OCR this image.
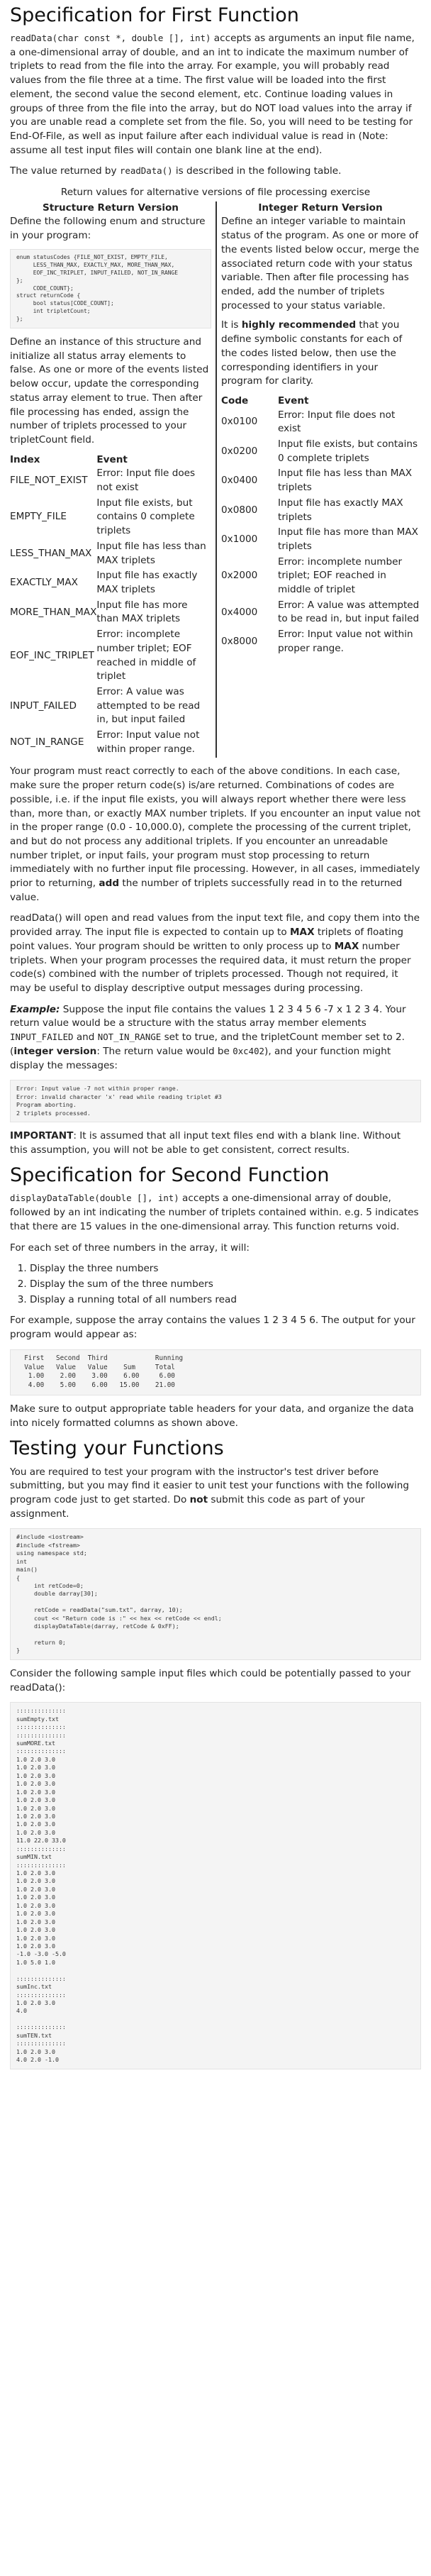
Specification for First Function

readData(char const *, double [], int) accepts as arguments an input file name, a one-dimensional array of double, and an int to indicate the maximum number of triplets to read from the file into the array. For example, you will probably read values from the file three at a time. The first value will be loaded into the first element, the second value the second element, etc. Continue loading values in groups of three from the file into the array, but do NOT load values into the array if you are unable read a complete set from the file. So, you will need to be testing for End-Of-File, as well as input failure after each individual value is read in (Note: assume all test input files will contain one blank line at the end).

The value returned by readData() is described in the following table.

Return values for alternative versions of file processing exercise
Structure Return Version

Define the following enum and structure in your program:

enum statusCodes {FILE_NOT_EXIST, EMPTY_FILE,
LESS_THAN_MAX, EXACTLY_MAX, MORE_THAN_MAX,
EOF_INC_TRIPLET, INPUT_FAILED, NOT_IN_RANGE
};
CODE_COUNT};
struct returnCode {
bool status[CODE_COUNT];
int tripletCount;
};

Define an instance of this structure and initialize all status array elements to false. As one or more of the events listed below occur, update the corresponding status array element to true. Then after file processing has ended, assign the number of triplets processed to your tripletCount field.

Index	Event
FILE_NOT_EXIST	Error: Input file does not exist
EMPTY_FILE	Input file exists, but contains 0 complete triplets
LESS_THAN_MAX	Input file has less than MAX triplets
EXACTLY_MAX	Input file has exactly MAX triplets
MORE_THAN_MAX	Input file has more than MAX triplets
EOF_INC_TRIPLET	Error: incomplete number triplet; EOF reached in middle of triplet
INPUT_FAILED	Error: A value was attempted to be read in, but input failed
NOT_IN_RANGE	Error: Input value not within proper range.
Integer Return Version

Define an integer variable to maintain status of the program. As one or more of the events listed below occur, merge the associated return code with your status variable. Then after file processing has ended, add the number of triplets processed to your status variable.

It is highly recommended that you define symbolic constants for each of the codes listed below, then use the corresponding identifiers in your program for clarity.

Code	Event
0x0100	Error: Input file does not exist
0x0200	Input file exists, but contains 0 complete triplets
0x0400	Input file has less than MAX triplets
0x0800	Input file has exactly MAX triplets
0x1000	Input file has more than MAX triplets
0x2000	Error: incomplete number triplet; EOF reached in middle of triplet
0x4000	Error: A value was attempted to be read in, but input failed
0x8000	Error: Input value not within proper range.

Your program must react correctly to each of the above conditions. In each case, make sure the proper return code(s) is/are returned. Combinations of codes are possible, i.e. if the input file exists, you will always report whether there were less than, more than, or exactly MAX number triplets. If you encounter an input value not in the proper range (0.0 - 10,000.0), complete the processing of the current triplet, and but do not process any additional triplets. If you encounter an unreadable number triplet, or input fails, your program must stop processing to return immediately with no further input file processing. However, in all cases, immediately prior to returning, add the number of triplets successfully read in to the returned value.

readData() will open and read values from the input text file, and copy them into the provided array. The input file is expected to contain up to MAX triplets of floating point values. Your program should be written to only process up to MAX number triplets. When your program processes the required data, it must return the proper code(s) combined with the number of triplets processed. Though not required, it may be useful to display descriptive output messages during processing.

Example: Suppose the input file contains the values 1 2 3 4 5 6 -7 x 1 2 3 4. Your return value would be a structure with the status array member elements INPUT_FAILED and NOT_IN_RANGE set to true, and the tripletCount member set to 2. (integer version: The return value would be 0xc402), and your function might display the messages:

Error: Input value -7 not within proper range.
Error: invalid character 'x' read while reading triplet #3
Program aborting.
2 triplets processed.

IMPORTANT: It is assumed that all input text files end with a blank line. Without this assumption, you will not be able to get consistent, correct results.

Specification for Second Function

displayDataTable(double [], int) accepts a one-dimensional array of double, followed by an int indicating the number of triplets contained within. e.g. 5 indicates that there are 15 values in the one-dimensional array. This function returns void.

For each set of three numbers in the array, it will:

1. Display the three numbers
2. Display the sum of the three numbers
3. Display a running total of all numbers read

For example, suppose the array contains the values 1 2 3 4 5 6. The output for your program would appear as:

First   Second  Third            Running
Value   Value   Value    Sum     Total
1.00    2.00    3.00    6.00     6.00
4.00    5.00    6.00   15.00    21.00

Make sure to output appropriate table headers for your data, and organize the data into nicely formatted columns as shown above.

Testing your Functions

You are required to test your program with the instructor's test driver before submitting, but you may find it easier to unit test your functions with the following program code just to get started. Do not submit this code as part of your assignment.

#include <iostream>
#include <fstream>
using namespace std;
int
main()
{
int retCode=0;
double darray[30];

retCode = readData("sum.txt", darray, 10);
cout << "Return code is :" << hex << retCode << endl;
displayDataTable(darray, retCode & 0xFF);

return 0;
}

Consider the following sample input files which could be potentially passed to your readData():

::::::::::::::
sumEmpty.txt
::::::::::::::
::::::::::::::
sumMORE.txt
::::::::::::::
1.0 2.0 3.0
1.0 2.0 3.0
1.0 2.0 3.0
1.0 2.0 3.0
1.0 2.0 3.0
1.0 2.0 3.0
1.0 2.0 3.0
1.0 2.0 3.0
1.0 2.0 3.0
1.0 2.0 3.0
11.0 22.0 33.0
::::::::::::::
sumMIN.txt
::::::::::::::
1.0 2.0 3.0
1.0 2.0 3.0
1.0 2.0 3.0
1.0 2.0 3.0
1.0 2.0 3.0
1.0 2.0 3.0
1.0 2.0 3.0
1.0 2.0 3.0
1.0 2.0 3.0
1.0 2.0 3.0
-1.0 -3.0 -5.0
1.0 5.0 1.0

::::::::::::::
sumInc.txt
::::::::::::::
1.0 2.0 3.0
4.0

::::::::::::::
sumTEN.txt
::::::::::::::
1.0 2.0 3.0
4.0 2.0 -1.0
